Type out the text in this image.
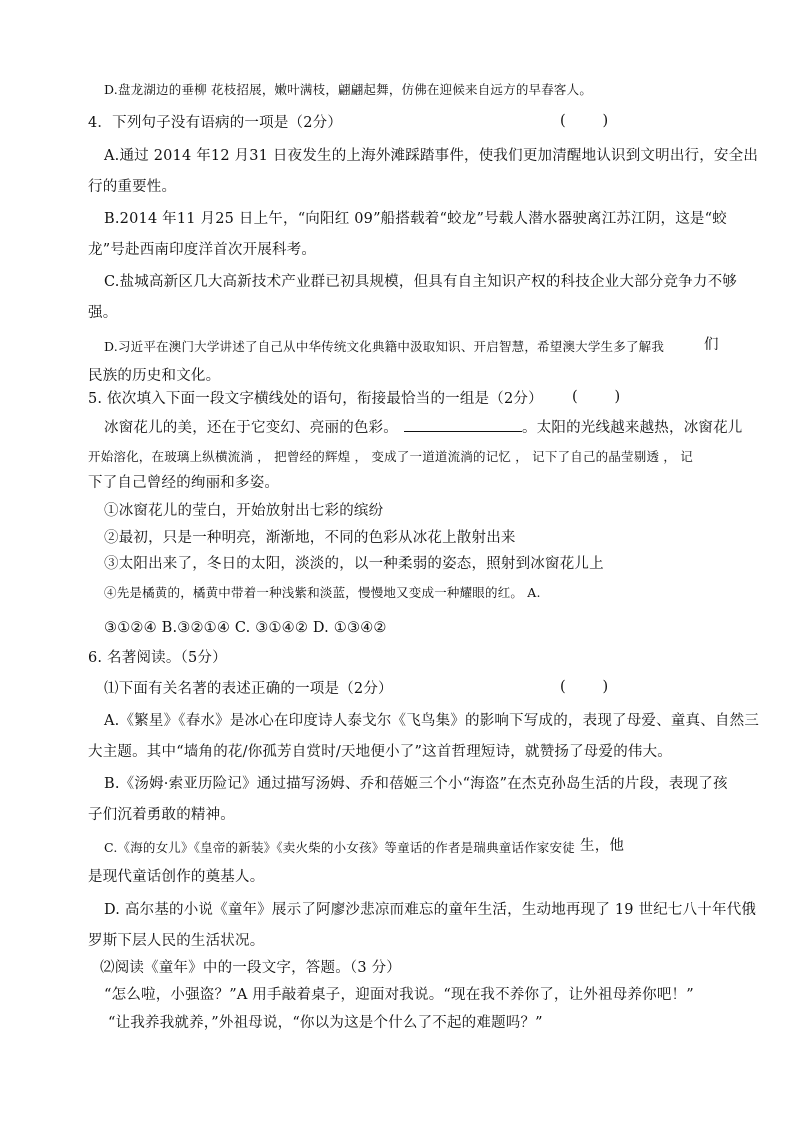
D.盘龙湖边的垂柳 花枝招展，嫩叶满枝，翩翩起舞，仿佛在迎候来自远方的早春客人。
4．下列句子没有语病的一项是（2分）	(        )
A.通过 2014 年12 月31 日夜发生的上海外滩踩踏事件，使我们更加清醒地认识到文明出行，安全出
行的重要性。
B.2014 年11 月25 日上午，“向阳红 09”船搭载着“蛟龙”号载人潜水器驶离江苏江阴，这是“蛟
龙”号赴西南印度洋首次开展科考。
C.盐城高新区几大高新技术产业群已初具规模，但具有自主知识产权的科技企业大部分竞争力不够
强。
D.习近平在澳门大学讲述了自己从中华传统文化典籍中汲取知识、开启智慧，希望澳大学生多了解我	们
民族的历史和文化。
5. 依次填入下面一段文字横线处的语句，衔接最恰当的一组是（2分） (        )
冰窗花儿的美，还在于它变幻、亮丽的色彩。	。太阳的光线越来越热，冰窗花儿
开始溶化，在玻璃上纵横流淌 ， 把曾经的辉煌 ， 变成了一道道流淌的记忆 ， 记下了自己的晶莹剔透 ， 记
下了自己曾经的绚丽和多姿。
①冰窗花儿的莹白，开始放射出七彩的缤纷
②最初，只是一种明亮，渐渐地，不同的色彩从冰花上散射出来
③太阳出来了，冬日的太阳，淡淡的，以一种柔弱的姿态，照射到冰窗花儿上
④先是橘黄的，橘黄中带着一种浅紫和淡蓝，慢慢地又变成一种耀眼的红。 A.
③①②④ B.③②①④ C. ③①④② D. ①③④②
6. 名著阅读。（5分）
⑴下面有关名著的表述正确的一项是（2分）	(        )
A.《繁星》《春水》是冰心在印度诗人泰戈尔《飞鸟集》的影响下写成的，表现了母爱、童真、自然三
大主题。其中“墙角的花/你孤芳自赏时/天地便小了”这首哲理短诗，就赞扬了母爱的伟大。
B.《汤姆·索亚历险记》通过描写汤姆、乔和蓓姬三个小“海盗”在杰克孙岛生活的片段，表现了孩
子们沉着勇敢的精神。
C.《海的女儿》《皇帝的新装》《卖火柴的小女孩》等童话的作者是瑞典童话作家安徒 生，他
是现代童话创作的奠基人。
D. 高尔基的小说《童年》展示了阿廖沙悲凉而难忘的童年生活，生动地再现了 19 世纪七八十年代俄
罗斯下层人民的生活状况。
⑵阅读《童年》中的一段文字，答题。（3 分）
“怎么啦，小强盗？”A 用手敲着桌子，迎面对我说。“现在我不养你了，让外祖母养你吧！”
“让我养我就养，”外祖母说，“你以为这是个什么了不起的难题吗？”
